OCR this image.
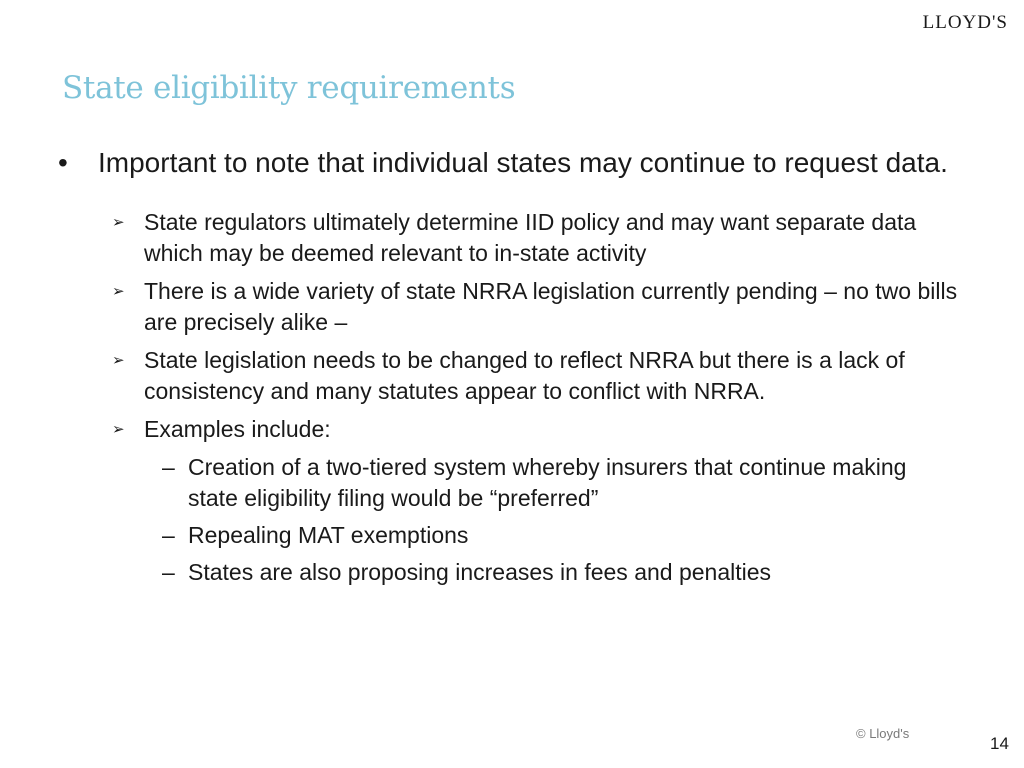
LLOYD'S
State eligibility requirements
• Important to note that individual states may continue to request data.
➢ State regulators ultimately determine IID policy and may want separate data which may be deemed relevant to in-state activity
➢ There is a wide variety of state NRRA legislation currently pending – no two bills are precisely alike –
➢ State legislation needs to be changed to reflect NRRA but there is a lack of consistency and many statutes appear to conflict with NRRA.
➢ Examples include:
– Creation of a two-tiered system whereby insurers that continue making state eligibility filing would be “preferred”
– Repealing MAT exemptions
– States are also proposing increases in fees and penalties
© Lloyd's
14
